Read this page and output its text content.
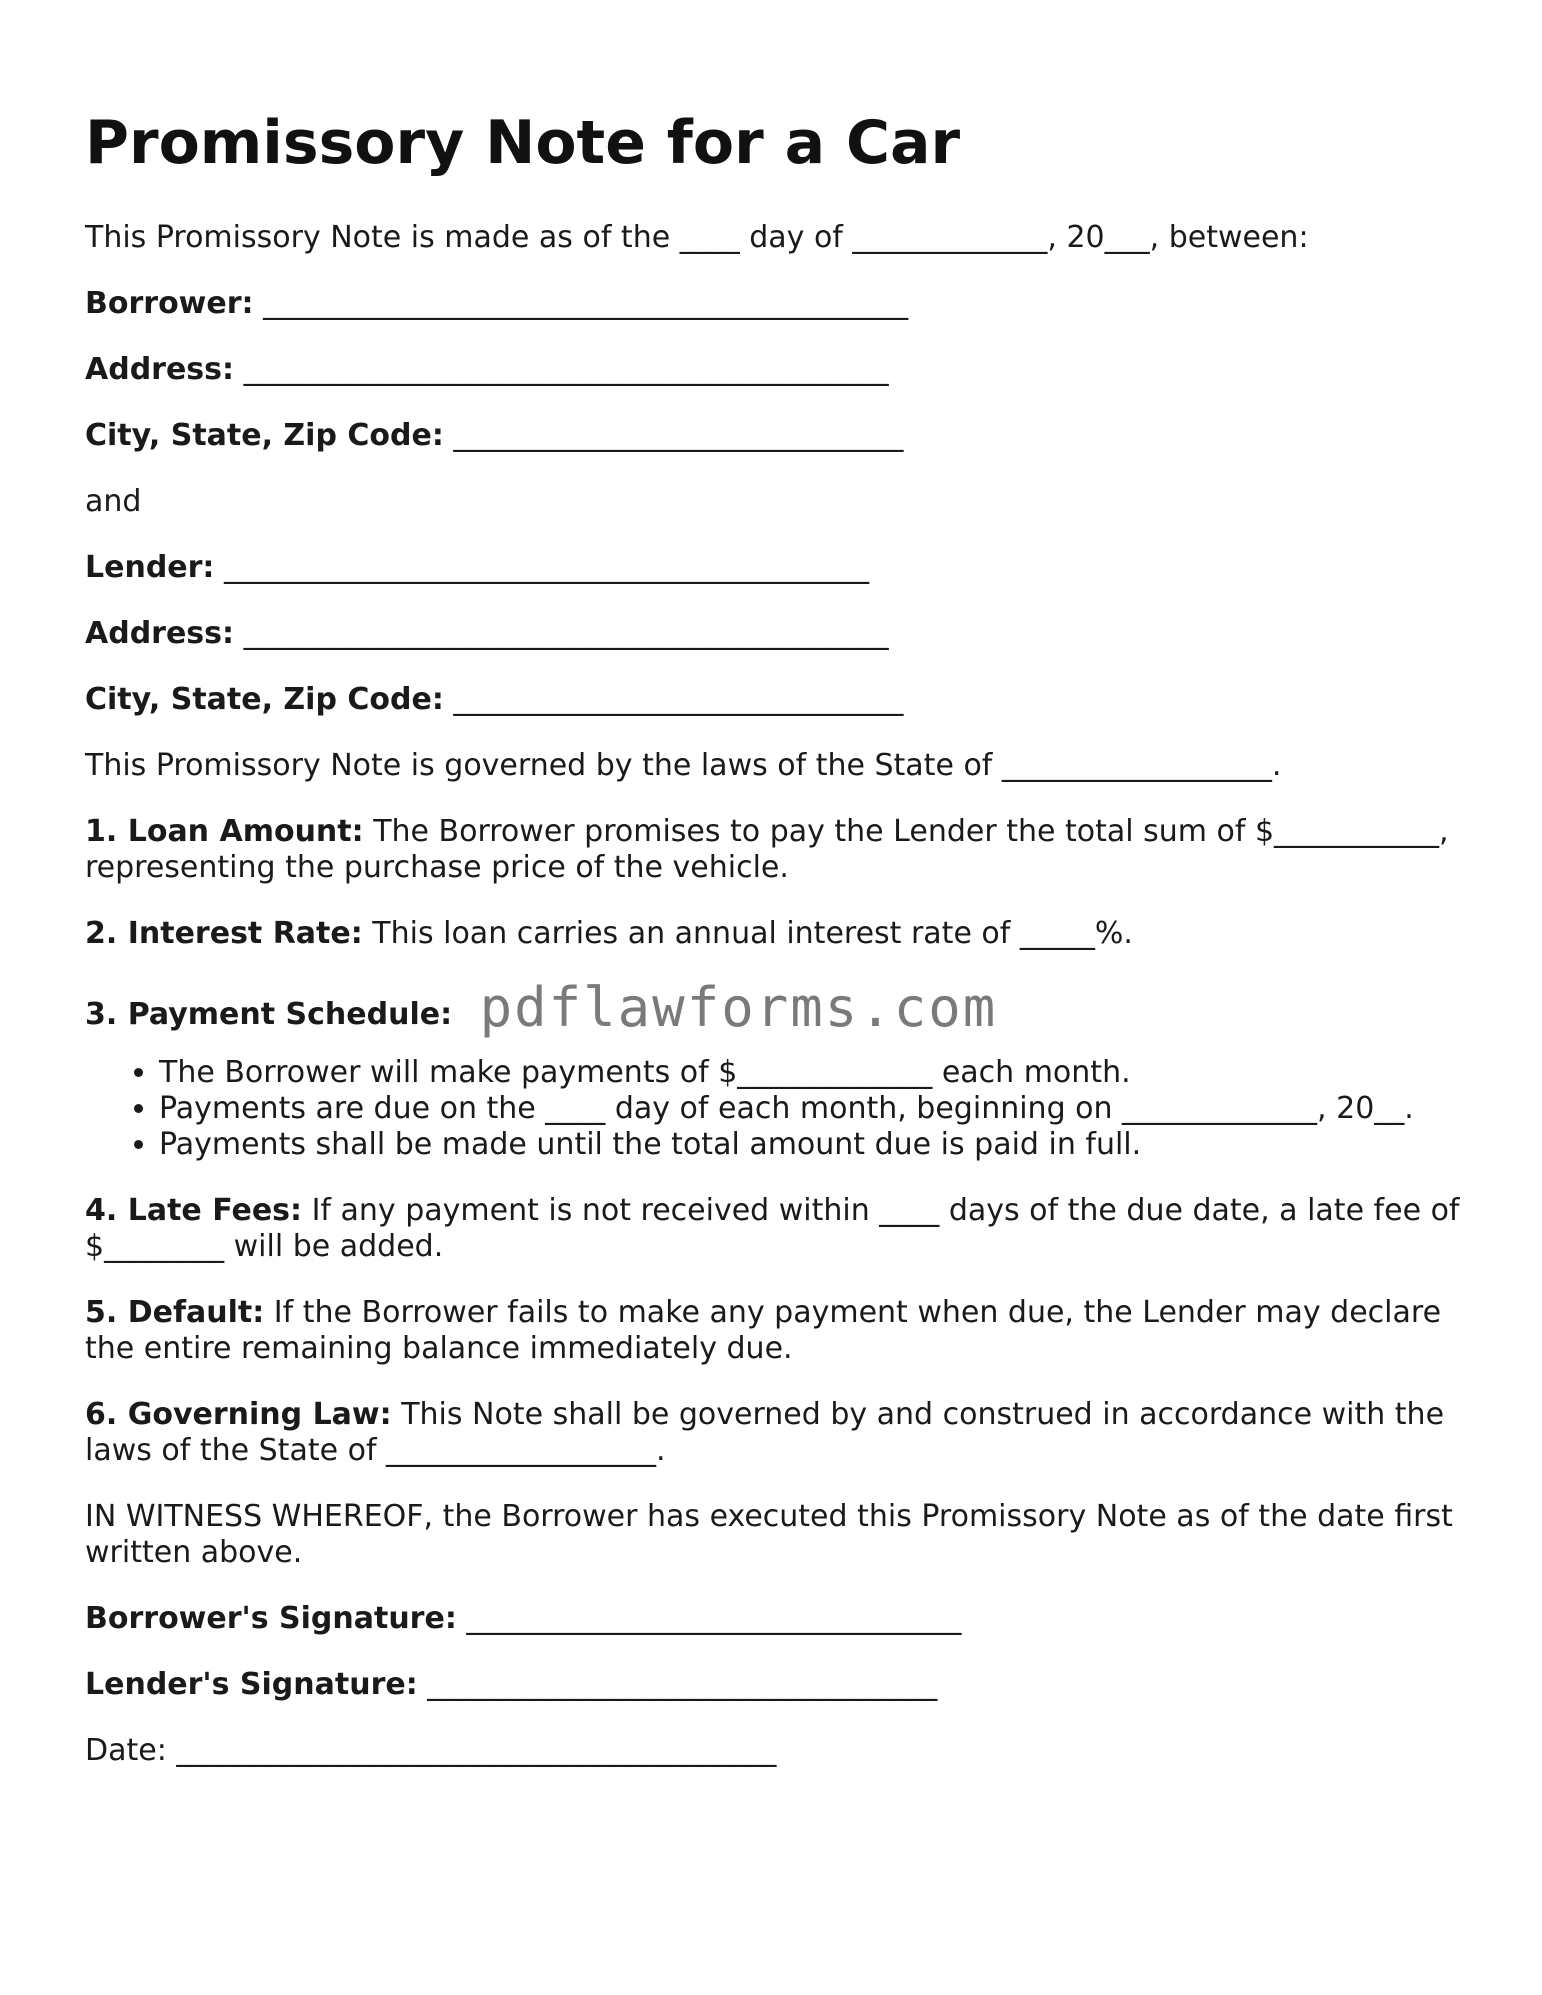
Promissory Note for a Car

This Promissory Note is made as of the ____ day of _____________, 20___, between:

Borrower: ___________________________________________

Address: ___________________________________________

City, State, Zip Code: ______________________________

and

Lender: ___________________________________________

Address: ___________________________________________

City, State, Zip Code: ______________________________

This Promissory Note is governed by the laws of the State of __________________.

1. Loan Amount: The Borrower promises to pay the Lender the total sum of $___________, representing the purchase price of the vehicle.

2. Interest Rate: This loan carries an annual interest rate of _____%.

3. Payment Schedule: pdflawforms.com

• The Borrower will make payments of $_____________ each month.
• Payments are due on the ____ day of each month, beginning on _____________, 20__.
• Payments shall be made until the total amount due is paid in full.

4. Late Fees: If any payment is not received within ____ days of the due date, a late fee of $________ will be added.

5. Default: If the Borrower fails to make any payment when due, the Lender may declare the entire remaining balance immediately due.

6. Governing Law: This Note shall be governed by and construed in accordance with the laws of the State of __________________.

IN WITNESS WHEREOF, the Borrower has executed this Promissory Note as of the date first written above.

Borrower's Signature: _________________________________

Lender's Signature: __________________________________

Date: ________________________________________
